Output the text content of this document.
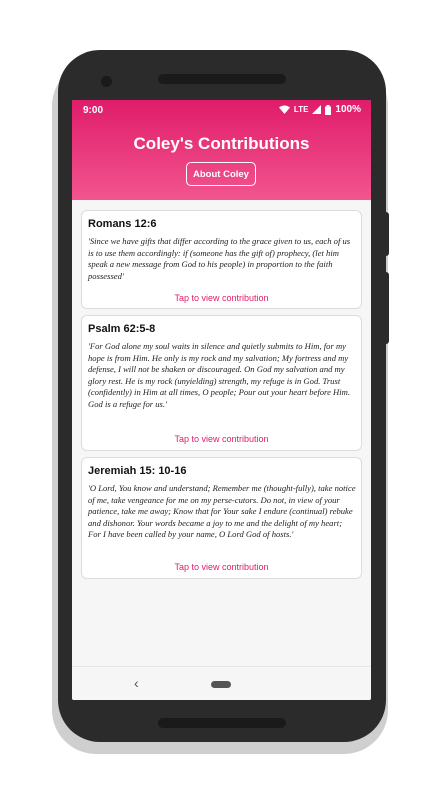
9:00	LTE	100%
Coley's Contributions
About Coley
Romans 12:6
'Since we have gifts that differ according to the grace given to us, each of us is to use them accordingly: if (someone has the gift of) prophecy, (let him speak a new message from God to his people) in proportion to the faith possessed'
Tap to view contribution
Psalm 62:5-8
'For God alone my soul waits in silence and quietly submits to Him, for my hope is from Him. He only is my rock and my salvation; My fortress and my defense, I will not be shaken or discouraged. On God my salvation and my glory rest. He is my rock (unyielding) strength, my refuge is in God. Trust (confidently) in Him at all times, O people; Pour out your heart before Him. God is a refuge for us.'
Tap to view contribution
Jeremiah 15: 10-16
'O Lord, You know and understand; Remember me (thought-fully), take notice of me, take vengeance for me on my perse-cutors. Do not, in view of your patience, take me away; Know that for Your sake I endure (continual) rebuke and dishonor. Your words became a joy to me and the delight of my heart; For I have been called by your name, O Lord God of hosts.'
Tap to view contribution
‹
